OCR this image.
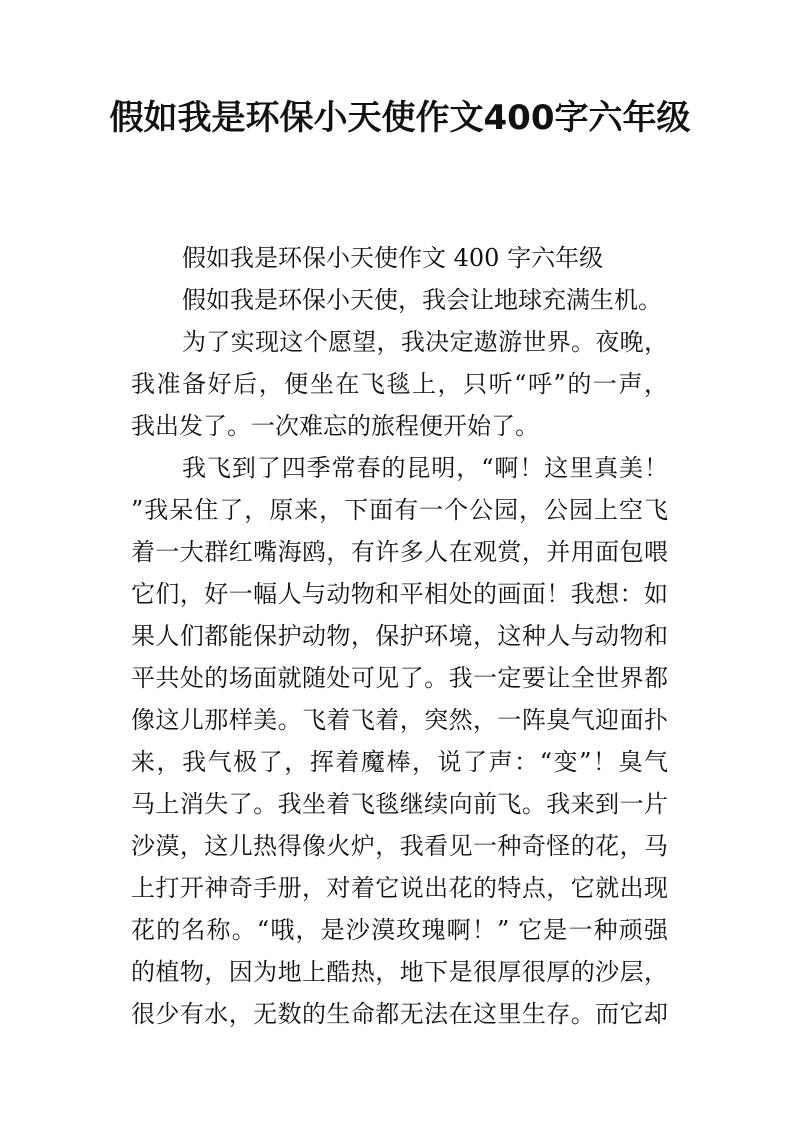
假如我是环保小天使作文400字六年级
假如我是环保小天使作文 400 字六年级
假如我是环保小天使，我会让地球充满生机。
为了实现这个愿望，我决定遨游世界。夜晚，
我准备好后，便坐在飞毯上，只听“呼”的一声，
我出发了。一次难忘的旅程便开始了。
我飞到了四季常春的昆明，“啊！这里真美！
”我呆住了，原来，下面有一个公园，公园上空飞
着一大群红嘴海鸥，有许多人在观赏，并用面包喂
它们，好一幅人与动物和平相处的画面！我想：如
果人们都能保护动物，保护环境，这种人与动物和
平共处的场面就随处可见了。我一定要让全世界都
像这儿那样美。飞着飞着，突然，一阵臭气迎面扑
来，我气极了，挥着魔棒，说了声：“变”！臭气
马上消失了。我坐着飞毯继续向前飞。我来到一片
沙漠，这儿热得像火炉，我看见一种奇怪的花，马
上打开神奇手册，对着它说出花的特点，它就出现
花的名称。“哦，是沙漠玫瑰啊！” 它是一种顽强
的植物，因为地上酷热，地下是很厚很厚的沙层，
很少有水，无数的生命都无法在这里生存。而它却
